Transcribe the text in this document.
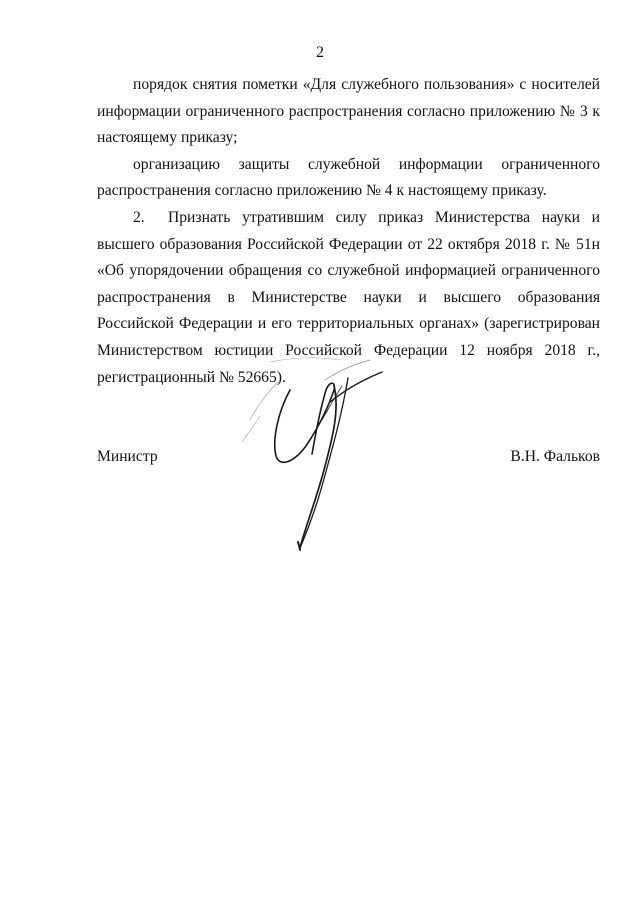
2

порядок снятия пометки «Для служебного пользования» с носителей информации ограниченного распространения согласно приложению № 3 к настоящему приказу;

организацию защиты служебной информации ограниченного распространения согласно приложению № 4 к настоящему приказу.

2. Признать утратившим силу приказ Министерства науки и высшего образования Российской Федерации от 22 октября 2018 г. № 51н «Об упорядочении обращения со служебной информацией ограниченного распространения в Министерстве науки и высшего образования Российской Федерации и его территориальных органах» (зарегистрирован Министерством юстиции Российской Федерации 12 ноября 2018 г., регистрационный № 52665).

Министр	В.Н. Фальков
